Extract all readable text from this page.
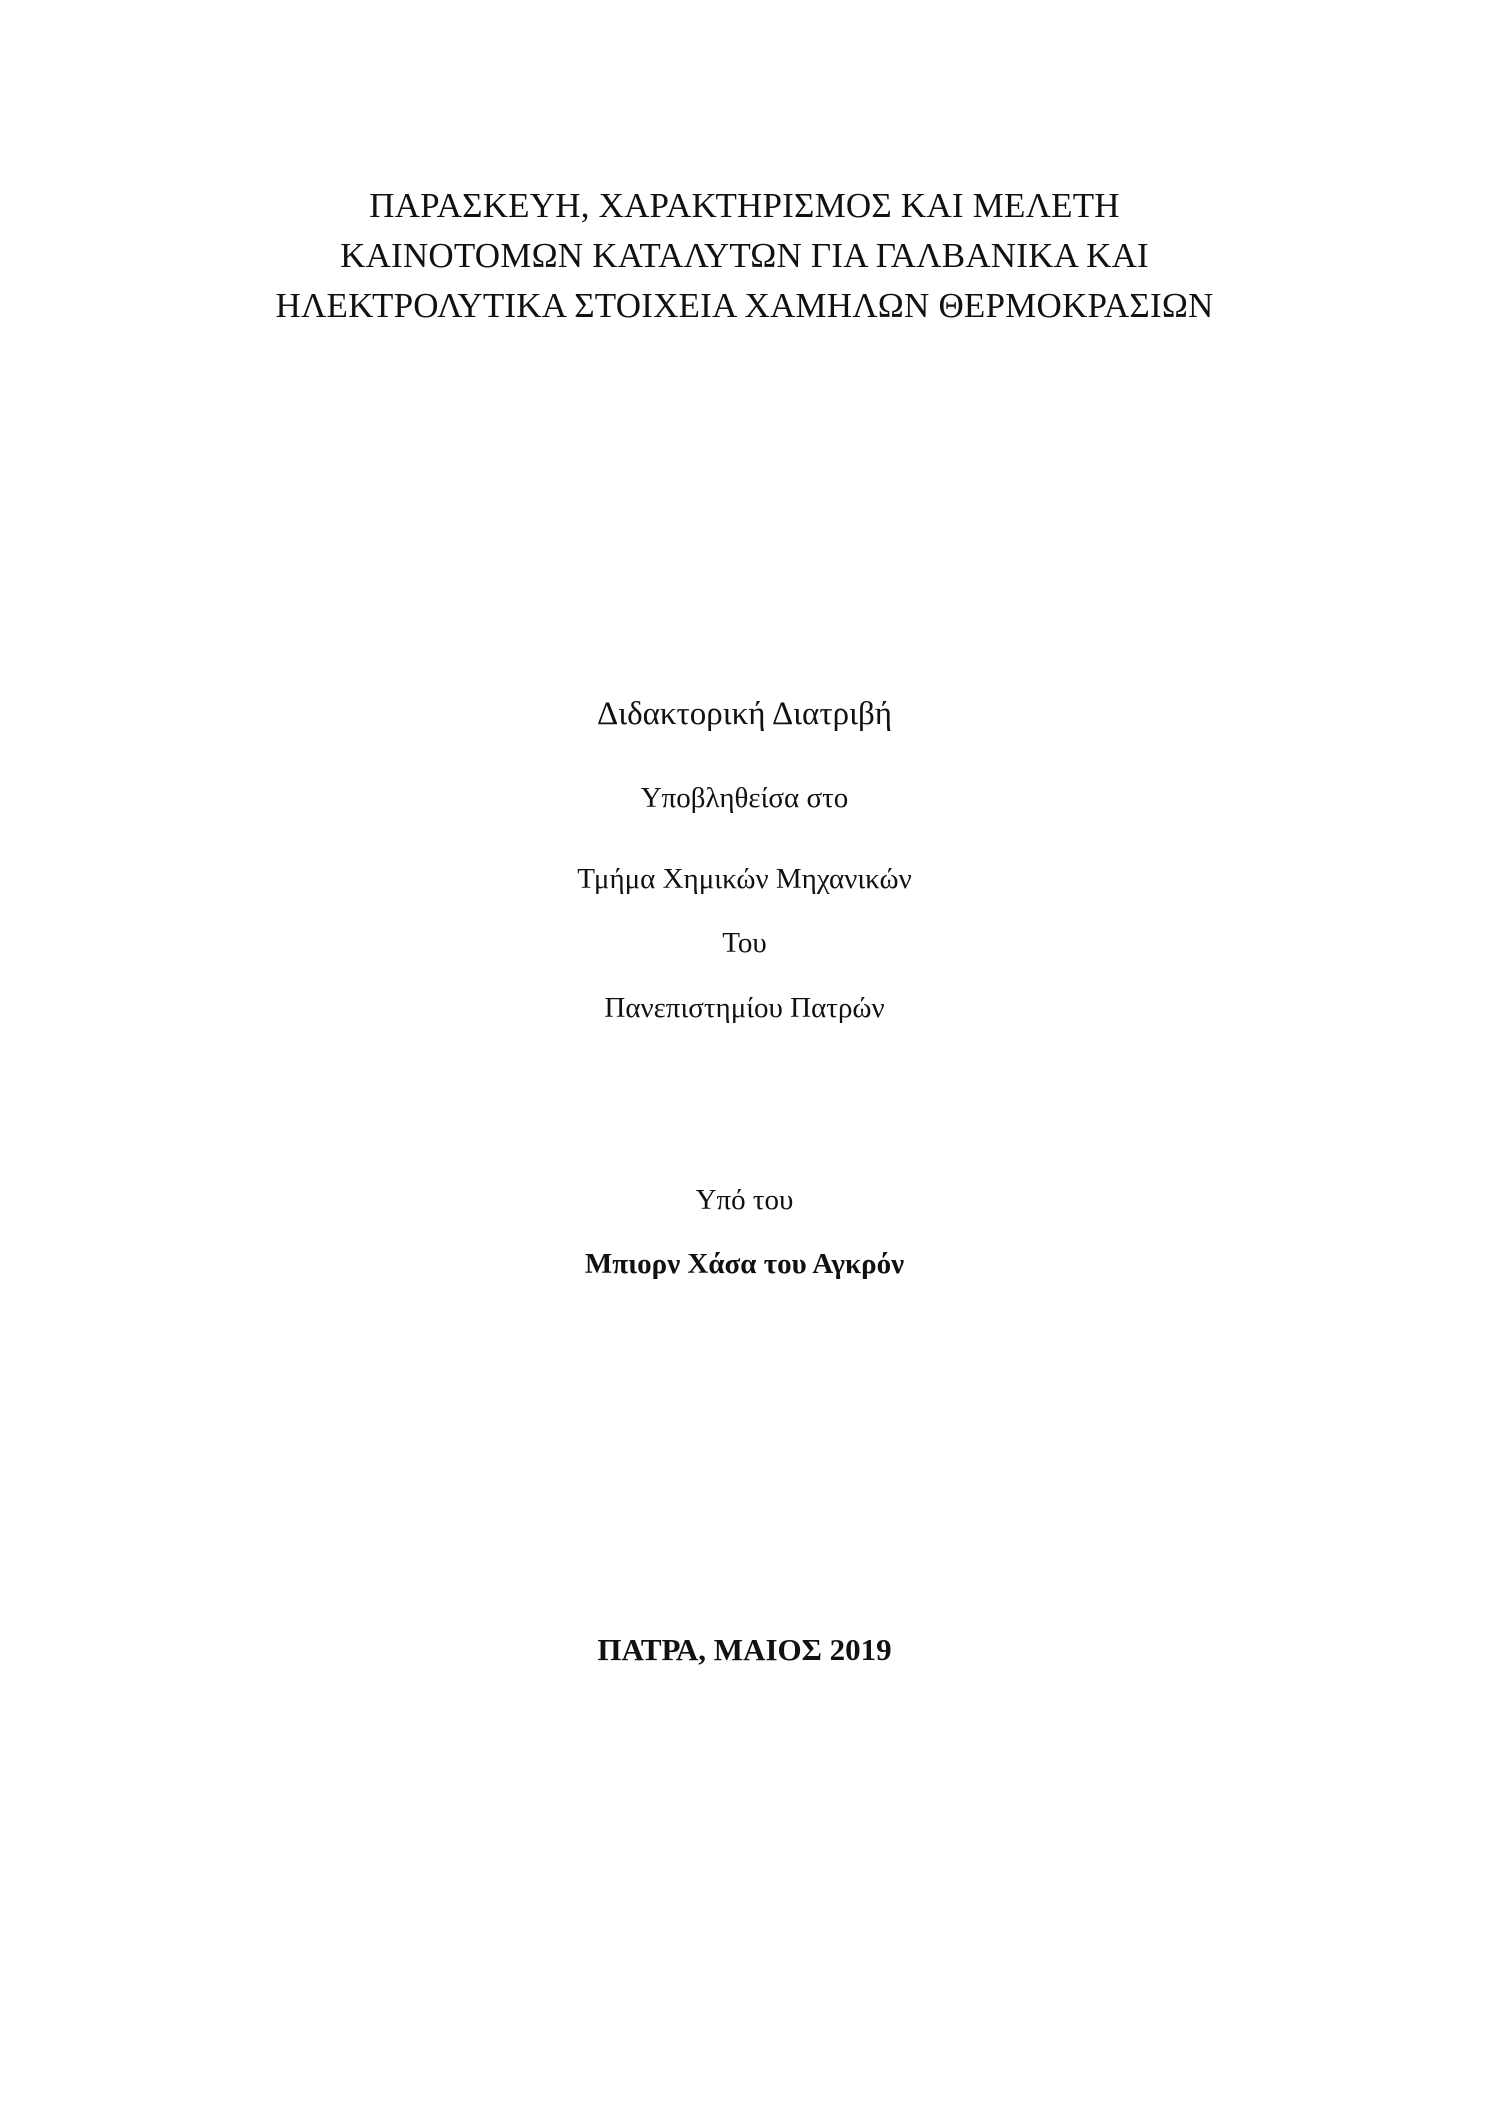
ΠΑΡΑΣΚΕΥΗ, ΧΑΡΑΚΤΗΡΙΣΜΟΣ ΚΑΙ ΜΕΛΕΤΗ
ΚΑΙΝΟΤΟΜΩΝ ΚΑΤΑΛΥΤΩΝ ΓΙΑ ΓΑΛΒΑΝΙΚΑ ΚΑΙ
ΗΛΕΚΤΡΟΛΥΤΙΚΑ ΣΤΟΙΧΕΙΑ ΧΑΜΗΛΩΝ ΘΕΡΜΟΚΡΑΣΙΩΝ
Διδακτορική Διατριβή
Υποβληθείσα στο
Τμήμα Χημικών Μηχανικών
Του
Πανεπιστημίου Πατρών
Υπό του
Μπιορν Χάσα του Αγκρόν
ΠΑΤΡΑ, ΜΑΙΟΣ 2019
